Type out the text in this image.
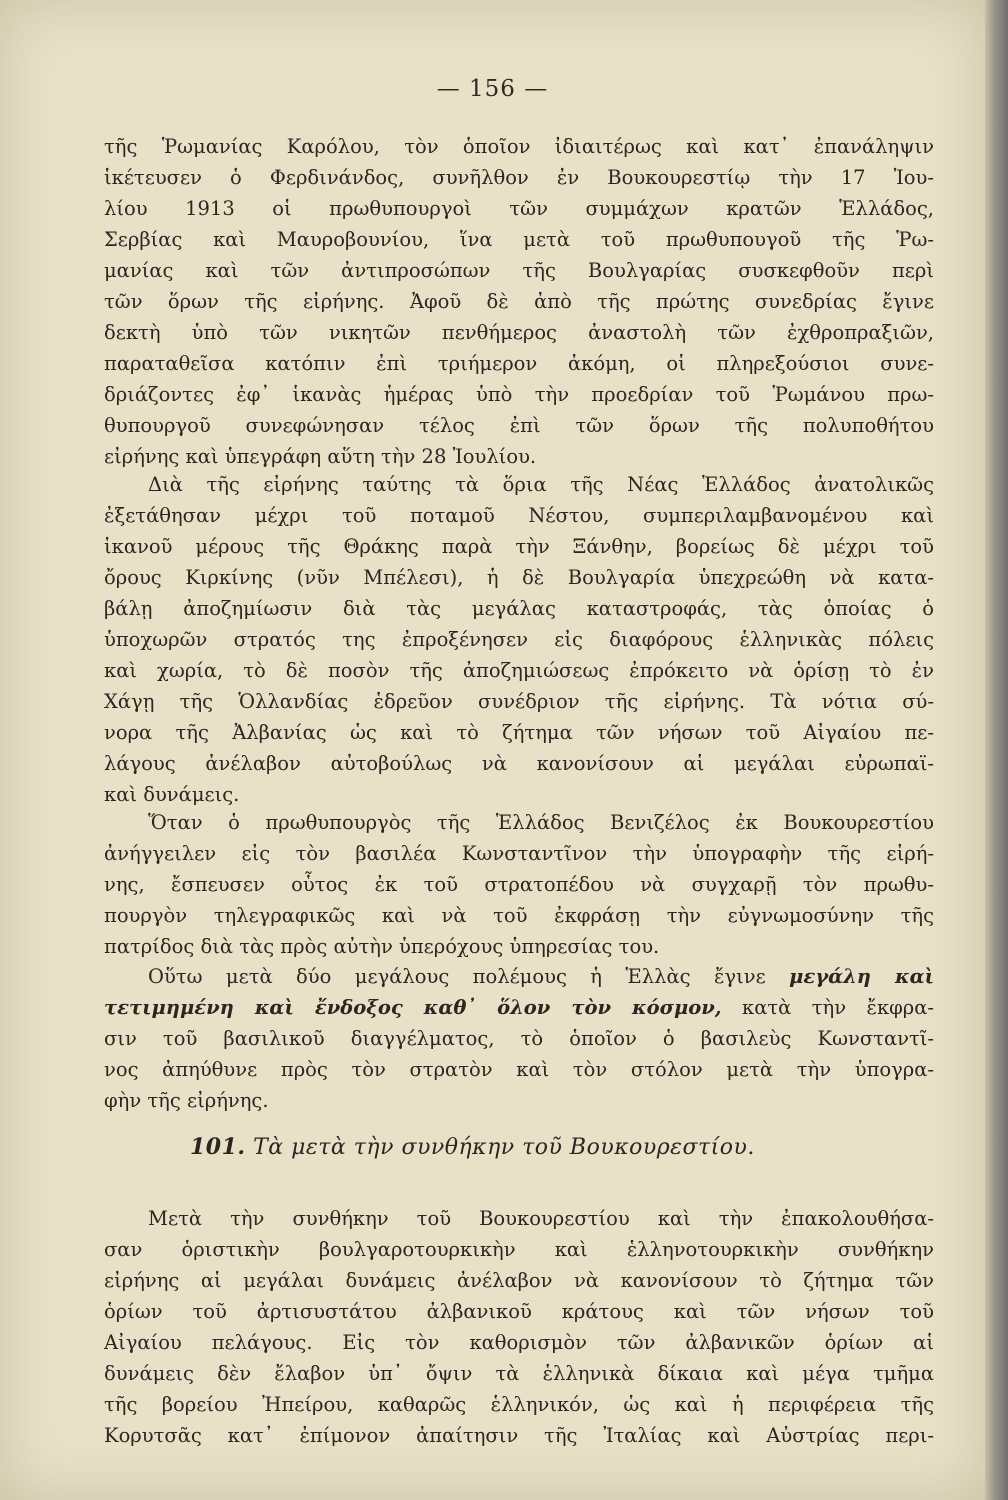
— 156 —
τῆς Ῥωμανίας Καρόλου, τὸν ὁποῖον ἰδιαιτέρως καὶ κατ᾽ ἐπανάληψιν
ἱκέτευσεν ὁ Φερδινάνδος, συνῆλθον ἐν Βουκουρεστίῳ τὴν 17 Ἰου-
λίου 1913 οἱ πρωθυπουργοὶ τῶν συμμάχων κρατῶν Ἑλλάδος,
Σερβίας καὶ Μαυροβουνίου, ἵνα μετὰ τοῦ πρωθυπουγοῦ τῆς Ῥω-
μανίας καὶ τῶν ἀντιπροσώπων τῆς Βουλγαρίας συσκεφθοῦν περὶ
τῶν ὅρων τῆς εἰρήνης. Ἀφοῦ δὲ ἀπὸ τῆς πρώτης συνεδρίας ἔγινε
δεκτὴ ὑπὸ τῶν νικητῶν πενθήμερος ἀναστολὴ τῶν ἐχθροπραξιῶν,
παραταθεῖσα κατόπιν ἐπὶ τριήμερον ἀκόμη, οἱ πληρεξούσιοι συνε-
δριάζοντες ἐφ᾽ ἱκανὰς ἡμέρας ὑπὸ τὴν προεδρίαν τοῦ Ῥωμάνου πρω-
θυπουργοῦ συνεφώνησαν τέλος ἐπὶ τῶν ὅρων τῆς πολυποθήτου
εἰρήνης καὶ ὑπεγράφη αὕτη τὴν 28 Ἰουλίου.
Διὰ τῆς εἰρήνης ταύτης τὰ ὅρια τῆς Νέας Ἑλλάδος ἀνατολικῶς
ἐξετάθησαν μέχρι τοῦ ποταμοῦ Νέστου, συμπεριλαμβανομένου καὶ
ἱκανοῦ μέρους τῆς Θράκης παρὰ τὴν Ξάνθην, βορείως δὲ μέχρι τοῦ
ὄρους Κιρκίνης (νῦν Μπέλεσι), ἡ δὲ Βουλγαρία ὑπεχρεώθη νὰ κατα-
βάλῃ ἀποζημίωσιν διὰ τὰς μεγάλας καταστροφάς, τὰς ὁποίας ὁ
ὑποχωρῶν στρατός της ἐπροξένησεν εἰς διαφόρους ἑλληνικὰς πόλεις
καὶ χωρία, τὸ δὲ ποσὸν τῆς ἀποζημιώσεως ἐπρόκειτο νὰ ὁρίσῃ τὸ ἐν
Χάγῃ τῆς Ὁλλανδίας ἑδρεῦον συνέδριον τῆς εἰρήνης. Τὰ νότια σύ-
νορα τῆς Ἀλβανίας ὡς καὶ τὸ ζήτημα τῶν νήσων τοῦ Αἰγαίου πε-
λάγους ἀνέλαβον αὐτοβούλως νὰ κανονίσουν αἱ μεγάλαι εὐρωπαϊ-
καὶ δυνάμεις.
Ὅταν ὁ πρωθυπουργὸς τῆς Ἑλλάδος Βενιζέλος ἐκ Βουκουρεστίου
ἀνήγγειλεν εἰς τὸν βασιλέα Κωνσταντῖνον τὴν ὑπογραφὴν τῆς εἰρή-
νης, ἔσπευσεν οὗτος ἐκ τοῦ στρατοπέδου νὰ συγχαρῇ τὸν πρωθυ-
πουργὸν τηλεγραφικῶς καὶ νὰ τοῦ ἐκφράσῃ τὴν εὐγνωμοσύνην τῆς
πατρίδος διὰ τὰς πρὸς αὐτὴν ὑπερόχους ὑπηρεσίας του.
Οὕτω μετὰ δύο μεγάλους πολέμους ἡ Ἑλλὰς ἔγινε μεγάλη καὶ
τετιμημένη καὶ ἔνδοξος καθ᾽ ὅλον τὸν κόσμον, κατὰ τὴν ἔκφρα-
σιν τοῦ βασιλικοῦ διαγγέλματος, τὸ ὁποῖον ὁ βασιλεὺς Κωνσταντῖ-
νος ἀπηύθυνε πρὸς τὸν στρατὸν καὶ τὸν στόλον μετὰ τὴν ὑπογρα-
φὴν τῆς εἰρήνης.
101. Τὰ μετὰ τὴν συνθήκην τοῦ Βουκουρεστίου.
Μετὰ τὴν συνθήκην τοῦ Βουκουρεστίου καὶ τὴν ἐπακολουθήσα-
σαν ὁριστικὴν βουλγαροτουρκικὴν καὶ ἑλληνοτουρκικὴν συνθήκην
εἰρήνης αἱ μεγάλαι δυνάμεις ἀνέλαβον νὰ κανονίσουν τὸ ζήτημα τῶν
ὁρίων τοῦ ἀρτισυστάτου ἀλβανικοῦ κράτους καὶ τῶν νήσων τοῦ
Αἰγαίου πελάγους. Εἰς τὸν καθορισμὸν τῶν ἀλβανικῶν ὁρίων αἱ
δυνάμεις δὲν ἔλαβον ὑπ᾽ ὄψιν τὰ ἑλληνικὰ δίκαια καὶ μέγα τμῆμα
τῆς βορείου Ἠπείρου, καθαρῶς ἑλληνικόν, ὡς καὶ ἡ περιφέρεια τῆς
Κορυτσᾶς κατ᾽ ἐπίμονον ἀπαίτησιν τῆς Ἰταλίας καὶ Αὐστρίας περι-
